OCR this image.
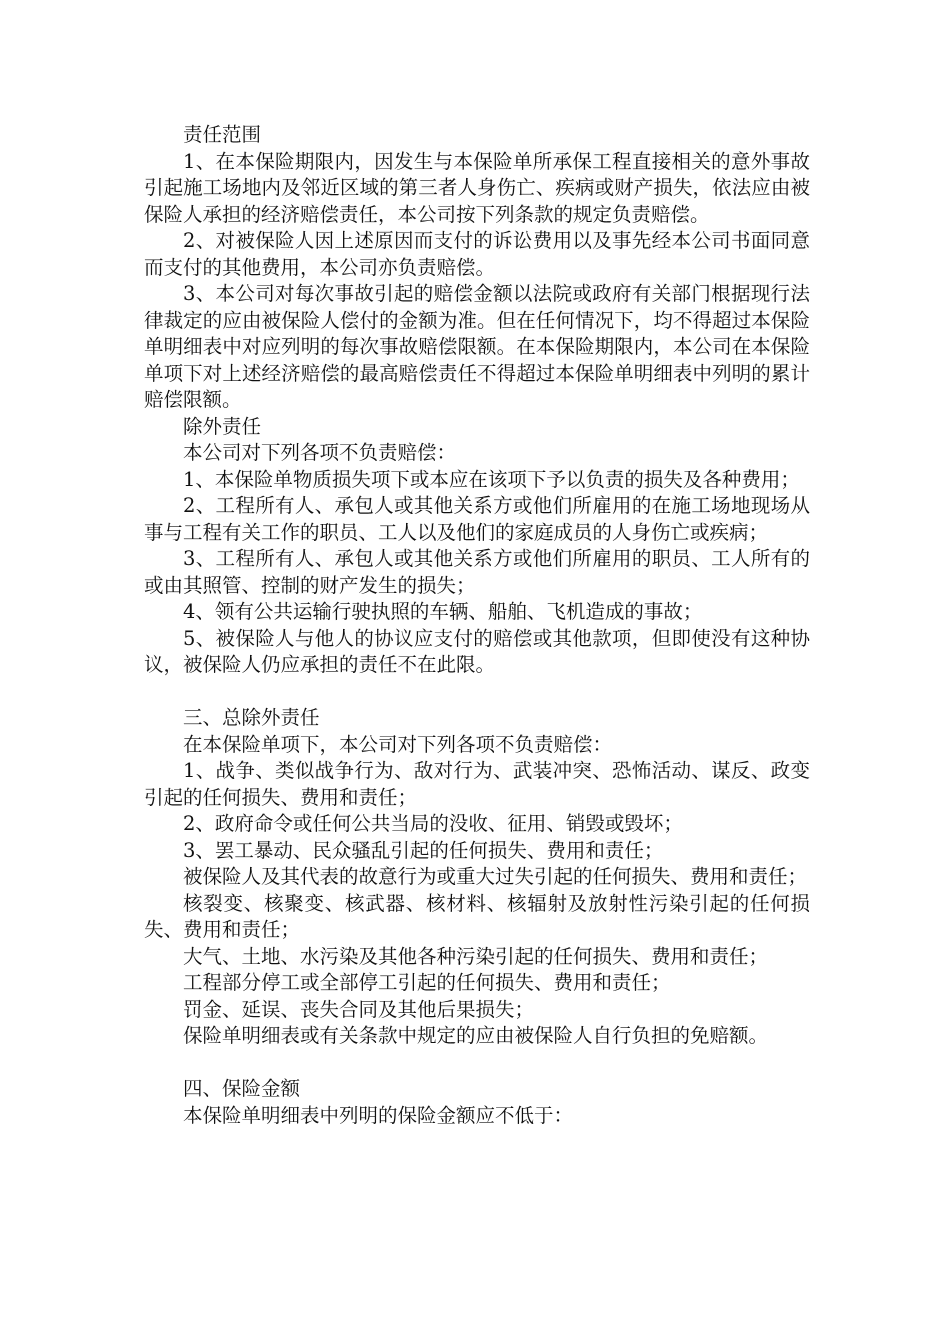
责任范围

1、在本保险期限内，因发生与本保险单所承保工程直接相关的意外事故引起施工场地内及邻近区域的第三者人身伤亡、疾病或财产损失，依法应由被保险人承担的经济赔偿责任，本公司按下列条款的规定负责赔偿。

2、对被保险人因上述原因而支付的诉讼费用以及事先经本公司书面同意而支付的其他费用，本公司亦负责赔偿。

3、本公司对每次事故引起的赔偿金额以法院或政府有关部门根据现行法律裁定的应由被保险人偿付的金额为准。但在任何情况下，均不得超过本保险单明细表中对应列明的每次事故赔偿限额。在本保险期限内，本公司在本保险单项下对上述经济赔偿的最高赔偿责任不得超过本保险单明细表中列明的累计赔偿限额。

除外责任

本公司对下列各项不负责赔偿：

1、本保险单物质损失项下或本应在该项下予以负责的损失及各种费用；

2、工程所有人、承包人或其他关系方或他们所雇用的在施工场地现场从事与工程有关工作的职员、工人以及他们的家庭成员的人身伤亡或疾病；

3、工程所有人、承包人或其他关系方或他们所雇用的职员、工人所有的或由其照管、控制的财产发生的损失；

4、领有公共运输行驶执照的车辆、船舶、飞机造成的事故；

5、被保险人与他人的协议应支付的赔偿或其他款项，但即使没有这种协议，被保险人仍应承担的责任不在此限。

三、总除外责任

在本保险单项下，本公司对下列各项不负责赔偿：

1、战争、类似战争行为、敌对行为、武装冲突、恐怖活动、谋反、政变引起的任何损失、费用和责任；

2、政府命令或任何公共当局的没收、征用、销毁或毁坏；

3、罢工暴动、民众骚乱引起的任何损失、费用和责任；

被保险人及其代表的故意行为或重大过失引起的任何损失、费用和责任；

核裂变、核聚变、核武器、核材料、核辐射及放射性污染引起的任何损失、费用和责任；

大气、土地、水污染及其他各种污染引起的任何损失、费用和责任；

工程部分停工或全部停工引起的任何损失、费用和责任；

罚金、延误、丧失合同及其他后果损失；

保险单明细表或有关条款中规定的应由被保险人自行负担的免赔额。

四、保险金额

本保险单明细表中列明的保险金额应不低于：
